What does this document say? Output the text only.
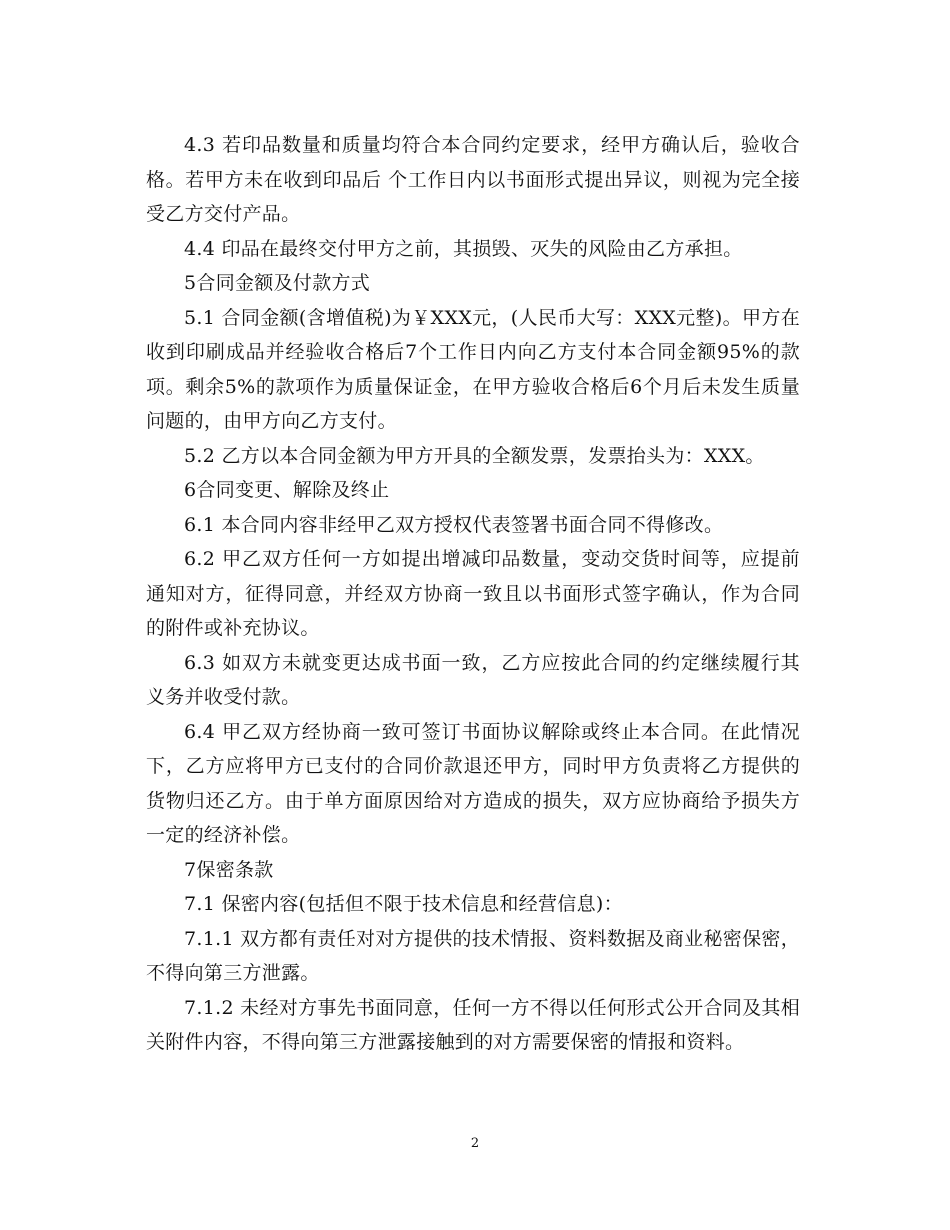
4.3 若印品数量和质量均符合本合同约定要求，经甲方确认后，验收合格。若甲方未在收到印品后 个工作日内以书面形式提出异议，则视为完全接受乙方交付产品。

4.4 印品在最终交付甲方之前，其损毁、灭失的风险由乙方承担。

5合同金额及付款方式

5.1 合同金额(含增值税)为￥XXX元，(人民币大写：XXX元整)。甲方在收到印刷成品并经验收合格后7个工作日内向乙方支付本合同金额95%的款项。剩余5%的款项作为质量保证金，在甲方验收合格后6个月后未发生质量问题的，由甲方向乙方支付。

5.2 乙方以本合同金额为甲方开具的全额发票，发票抬头为：XXX。

6合同变更、解除及终止

6.1 本合同内容非经甲乙双方授权代表签署书面合同不得修改。

6.2 甲乙双方任何一方如提出增减印品数量，变动交货时间等，应提前通知对方，征得同意，并经双方协商一致且以书面形式签字确认，作为合同的附件或补充协议。

6.3 如双方未就变更达成书面一致，乙方应按此合同的约定继续履行其义务并收受付款。

6.4 甲乙双方经协商一致可签订书面协议解除或终止本合同。在此情况下，乙方应将甲方已支付的合同价款退还甲方，同时甲方负责将乙方提供的货物归还乙方。由于单方面原因给对方造成的损失，双方应协商给予损失方一定的经济补偿。

7保密条款

7.1 保密内容(包括但不限于技术信息和经营信息)：

7.1.1 双方都有责任对对方提供的技术情报、资料数据及商业秘密保密，不得向第三方泄露。

7.1.2 未经对方事先书面同意，任何一方不得以任何形式公开合同及其相关附件内容，不得向第三方泄露接触到的对方需要保密的情报和资料。

2
